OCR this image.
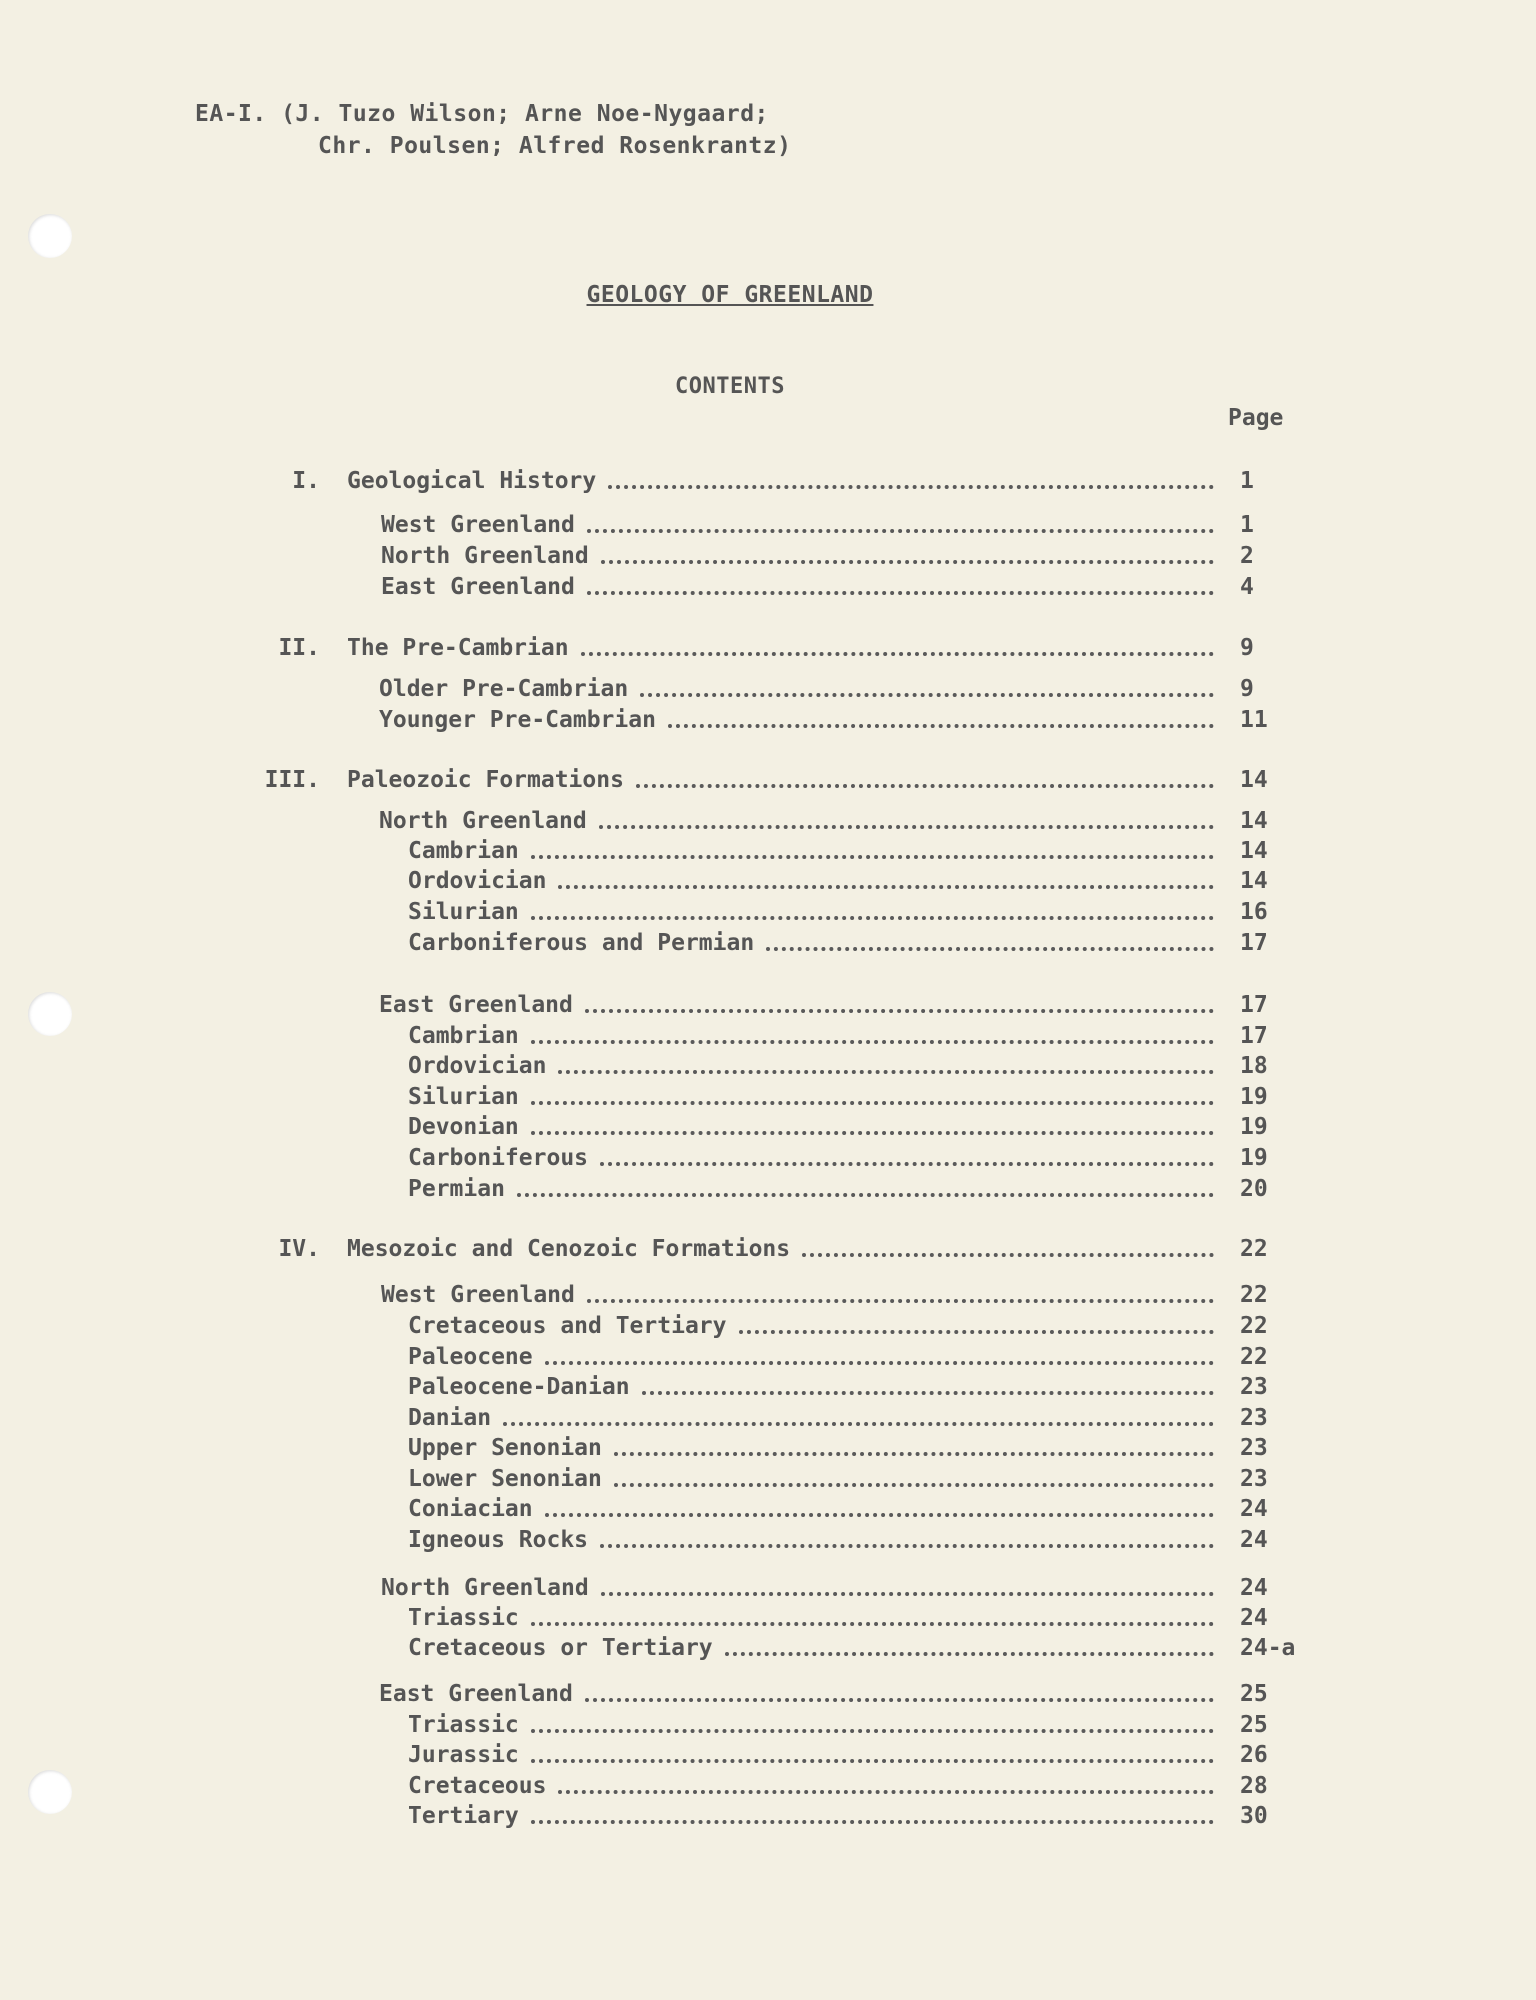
EA-I. (J. Tuzo Wilson; Arne Noe-Nygaard;
Chr. Poulsen; Alfred Rosenkrantz)
GEOLOGY OF GREENLAND
CONTENTS
Page
I. Geological History	1
West Greenland	1
North Greenland	2
East Greenland	4
II. The Pre-Cambrian	9
Older Pre-Cambrian	9
Younger Pre-Cambrian	11
III. Paleozoic Formations	14
North Greenland	14
Cambrian	14
Ordovician	14
Silurian	16
Carboniferous and Permian	17
East Greenland	17
Cambrian	17
Ordovician	18
Silurian	19
Devonian	19
Carboniferous	19
Permian	20
IV. Mesozoic and Cenozoic Formations	22
West Greenland	22
Cretaceous and Tertiary	22
Paleocene	22
Paleocene-Danian	23
Danian	23
Upper Senonian	23
Lower Senonian	23
Coniacian	24
Igneous Rocks	24
North Greenland	24
Triassic	24
Cretaceous or Tertiary	24-a
East Greenland	25
Triassic	25
Jurassic	26
Cretaceous	28
Tertiary	30
